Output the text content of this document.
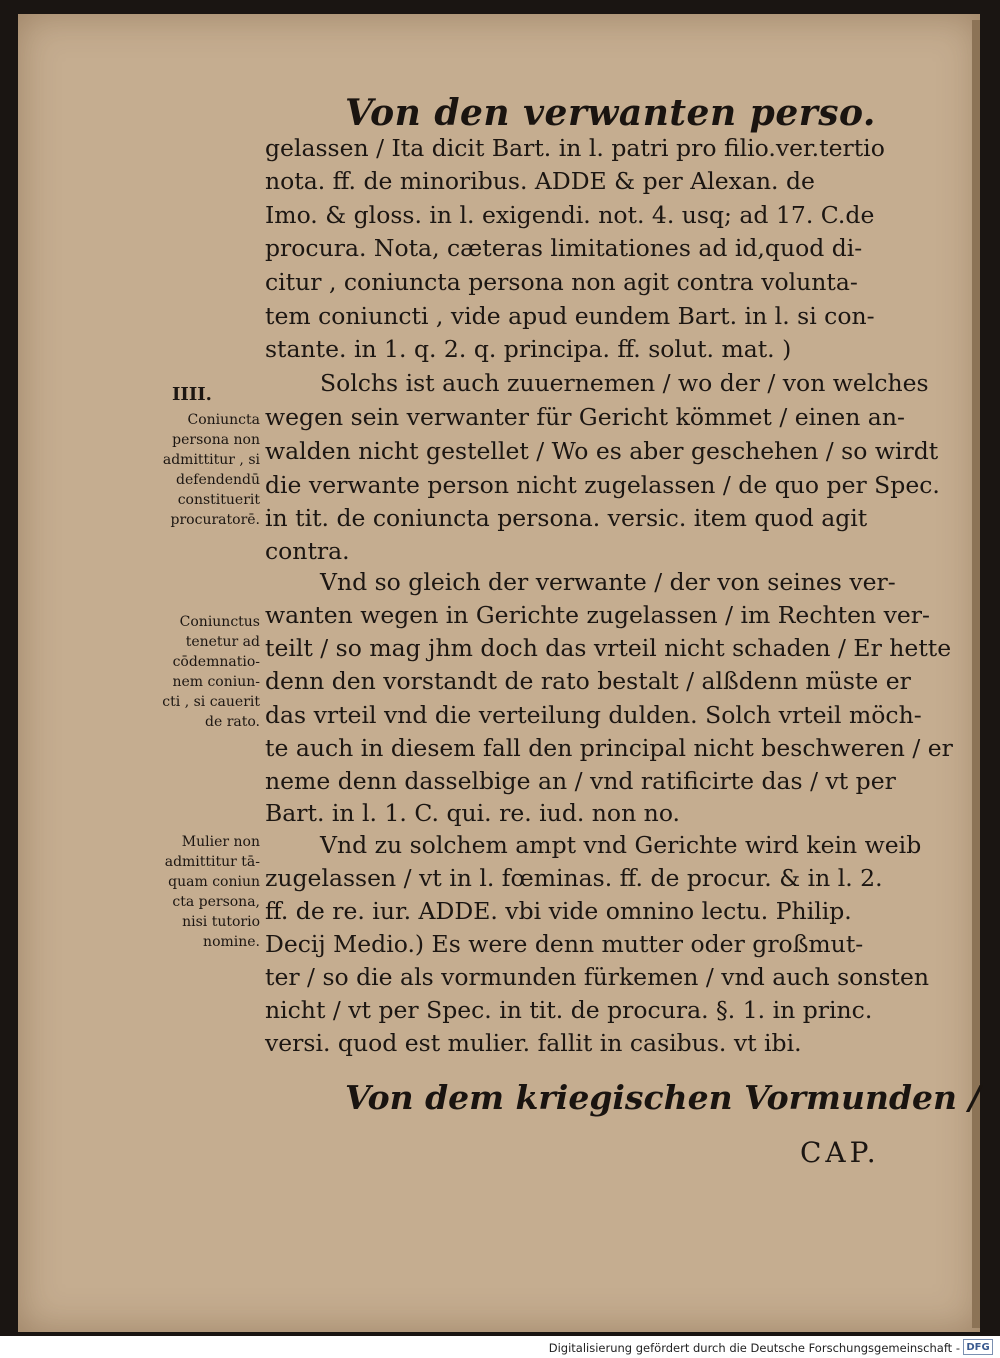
Von den verwanten perso.
gelassen / Ita dicit Bart. in l. patri pro filio.ver.tertio
nota. ff. de minoribus. ADDE & per Alexan. de
Imo. & gloss. in l. exigendi. not. 4. usq; ad 17. C.de
procura. Nota, cæteras limitationes ad id,quod di-
citur , coniuncta persona non agit contra volunta-
tem coniuncti , vide apud eundem Bart. in l. si con-
stante. in 1. q. 2. q. principa. ff. solut. mat. )
Solchs ist auch zuuernemen / wo der / von welches
wegen sein verwanter für Gericht kömmet / einen an-
walden nicht gestellet / Wo es aber geschehen / so wirdt
die verwante person nicht zugelassen / de quo per Spec.
in tit. de coniuncta persona. versic. item quod agit
contra.
Vnd so gleich der verwante / der von seines ver-
wanten wegen in Gerichte zugelassen / im Rechten ver-
teilt / so mag jhm doch das vrteil nicht schaden / Er hette
denn den vorstandt de rato bestalt / alßdenn müste er
das vrteil vnd die verteilung dulden. Solch vrteil möch-
te auch in diesem fall den principal nicht beschweren / er
neme denn dasselbige an / vnd ratificirte das / vt per
Bart. in l. 1. C. qui. re. iud. non no.
Vnd zu solchem ampt vnd Gerichte wird kein weib
zugelassen / vt in l. fœminas. ff. de procur. & in l. 2.
ff. de re. iur. ADDE. vbi vide omnino lectu. Philip.
Decij Medio.) Es were denn mutter oder großmut-
ter / so die als vormunden fürkemen / vnd auch sonsten
nicht / vt per Spec. in tit. de procura. §. 1. in princ.
versi. quod est mulier. fallit in casibus. vt ibi.
IIII.
Coniuncta
persona non
admittitur , si
defendendū
constituerit
procuratorē.
Coniunctus
tenetur ad
cōdemnatio-
nem coniun-
cti , si cauerit
de rato.
Mulier non
admittitur tā-
quam coniun
cta persona,
nisi tutorio
nomine.
Von dem kriegischen Vormunden /
CAP.
Digitalisierung gefördert durch die Deutsche Forschungsgemeinschaft - DFG
